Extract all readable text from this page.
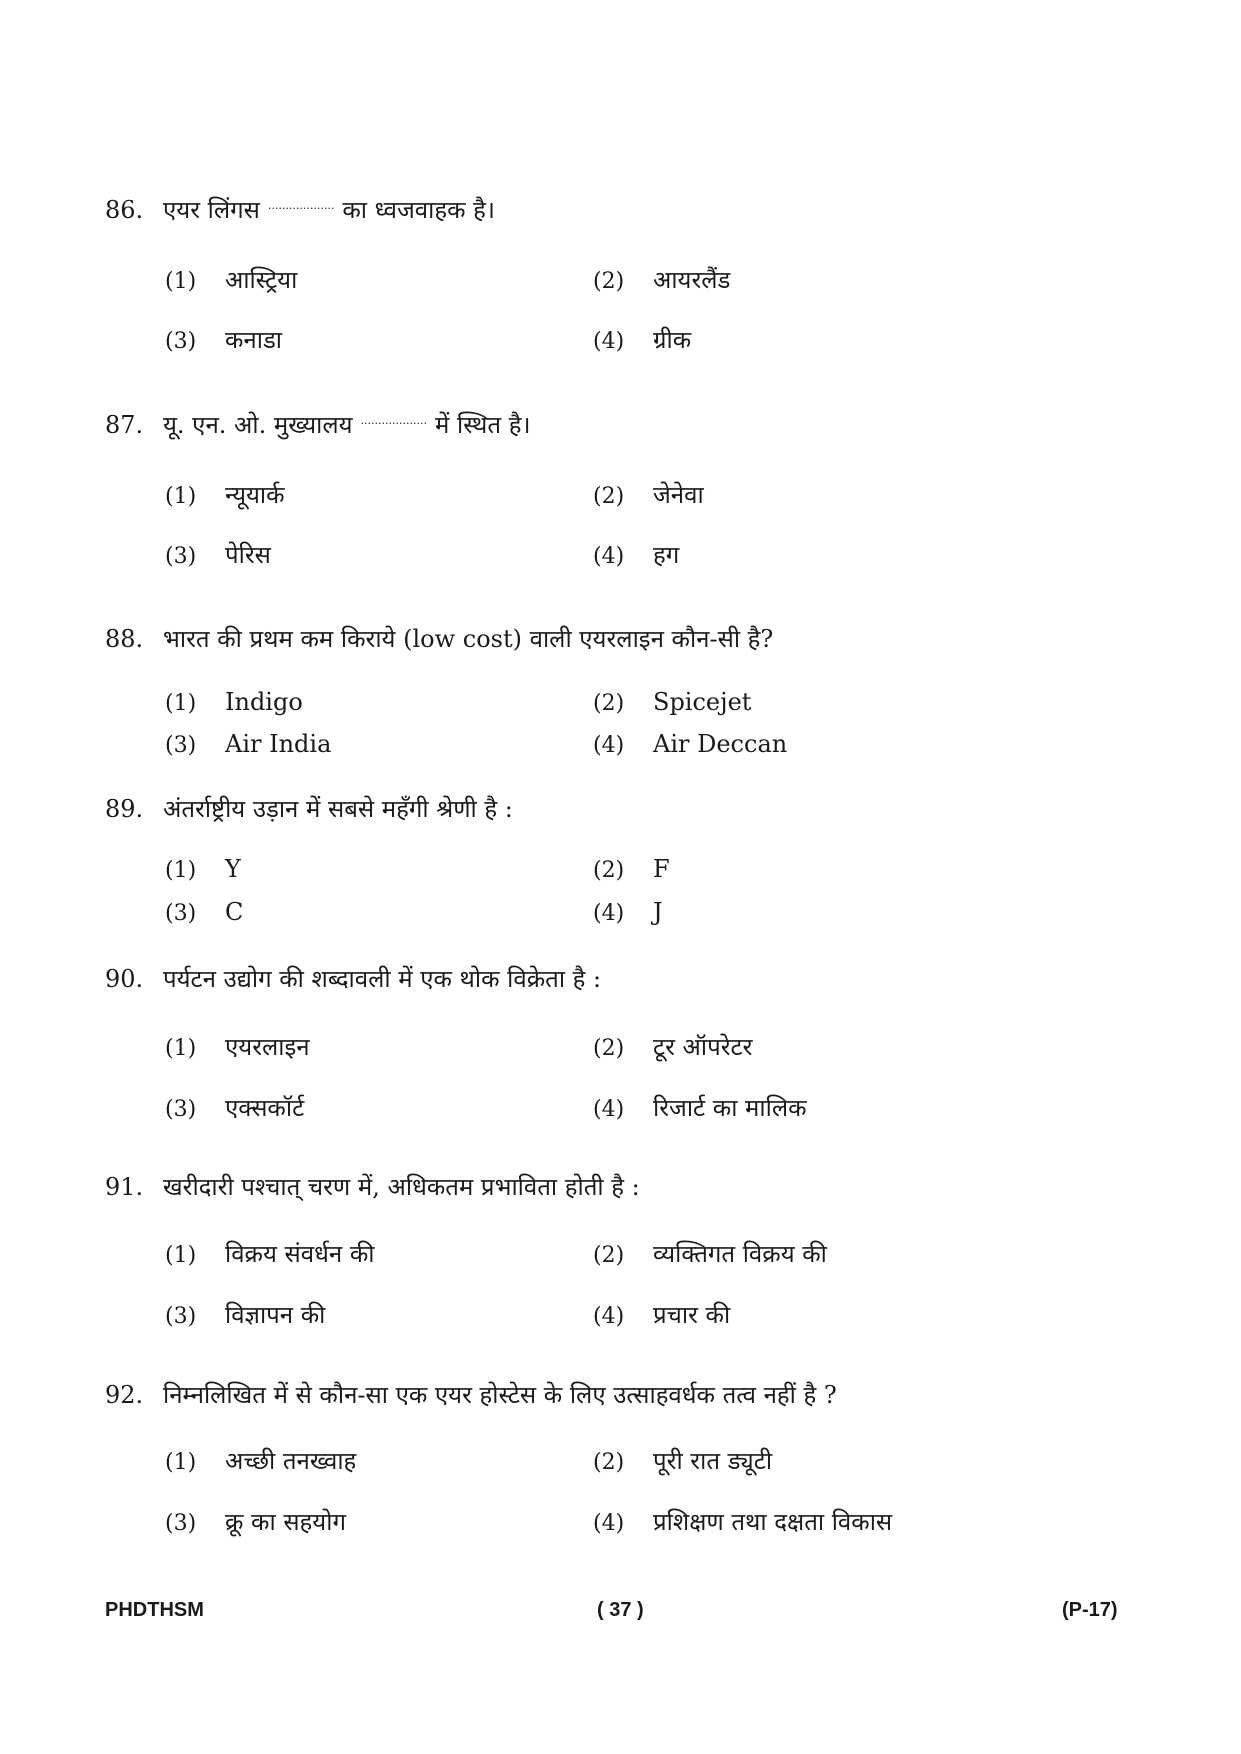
86. एयर लिंगस ................... का ध्वजवाहक है।
(1) आस्ट्रिया	(2) आयरलैंड
(3) कनाडा	(4) ग्रीक
87. यू. एन. ओ. मुख्यालय ................... में स्थित है।
(1) न्यूयार्क	(2) जेनेवा
(3) पेरिस	(4) हग
88. भारत की प्रथम कम किराये (low cost) वाली एयरलाइन कौन-सी है?
(1) Indigo	(2) Spicejet
(3) Air India	(4) Air Deccan
89. अंतर्राष्ट्रीय उड़ान में सबसे महँगी श्रेणी है :
(1) Y	(2) F
(3) C	(4) J
90. पर्यटन उद्योग की शब्दावली में एक थोक विक्रेता है :
(1) एयरलाइन	(2) टूर ऑपरेटर
(3) एक्सकॉर्ट	(4) रिजार्ट का मालिक
91. खरीदारी पश्चात् चरण में, अधिकतम प्रभाविता होती है :
(1) विक्रय संवर्धन की	(2) व्यक्तिगत विक्रय की
(3) विज्ञापन की	(4) प्रचार की
92. निम्नलिखित में से कौन-सा एक एयर होस्टेस के लिए उत्साहवर्धक तत्व नहीं है ?
(1) अच्छी तनख्वाह	(2) पूरी रात ड्यूटी
(3) क्रू का सहयोग	(4) प्रशिक्षण तथा दक्षता विकास
PHDTHSM	( 37 )	(P-17)
